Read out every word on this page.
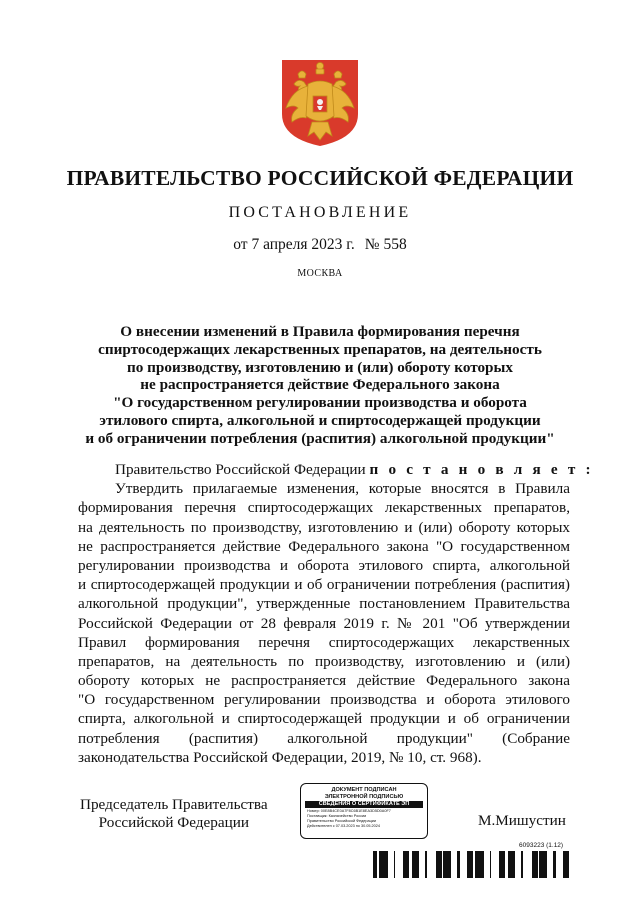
ПРАВИТЕЛЬСТВО РОССИЙСКОЙ ФЕДЕРАЦИИ
ПОСТАНОВЛЕНИЕ
от 7 апреля 2023 г. № 558
МОСКВА
О внесении изменений в Правила формирования перечня
спиртосодержащих лекарственных препаратов, на деятельность
по производству, изготовлению и (или) обороту которых
не распространяется действие Федерального закона
"О государственном регулировании производства и оборота
этилового спирта, алкогольной и спиртосодержащей продукции
и об ограничении потребления (распития) алкогольной продукции"
Правительство Российской Федерации п о с т а н о в л я е т :
Утвердить прилагаемые изменения, которые вносятся в Правила
формирования перечня спиртосодержащих лекарственных препаратов,
на деятельность по производству, изготовлению и (или) обороту которых
не распространяется действие Федерального закона "О государственном
регулировании производства и оборота этилового спирта, алкогольной
и спиртосодержащей продукции и об ограничении потребления (распития)
алкогольной продукции", утвержденные постановлением Правительства
Российской Федерации от 28 февраля 2019 г. № 201 "Об утверждении
Правил формирования перечня спиртосодержащих лекарственных
препаратов, на деятельность по производству, изготовлению и (или)
обороту которых не распространяется действие Федерального закона
"О государственном регулировании производства и оборота этилового
спирта, алкогольной и спиртосодержащей продукции и об ограничении
потребления (распития) алкогольной продукции" (Собрание
законодательства Российской Федерации, 2019, № 10, ст. 968).
Председатель Правительства
Российской Федерации
ДОКУМЕНТ ПОДПИСАН
ЭЛЕКТРОННОЙ ПОДПИСЬЮ
СВЕДЕНИЯ О СЕРТИФИКАТЕ ЭП
Номер: 00E8B4CE0A7F8C6B1E8EA3D5D0A0F7
Поставщик: Казначейство России
Правительство Российской Федерации
Действителен с 07.03.2023 по 30.05.2024	М.Мишустин
6093223 (1.12)
